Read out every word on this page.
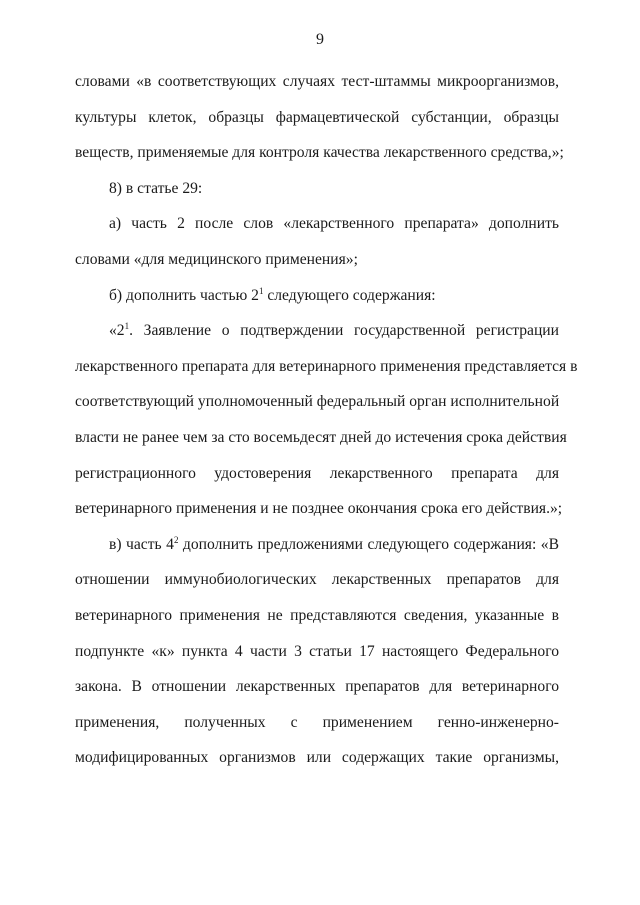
9
словами «в соответствующих случаях тест-штаммы микроорганизмов,
культуры клеток, образцы фармацевтической субстанции, образцы
веществ, применяемые для контроля качества лекарственного средства,»;
8) в статье 29:
а) часть 2 после слов «лекарственного препарата» дополнить
словами «для медицинского применения»;
б) дополнить частью $2^1$ следующего содержания:
«$2^1$. Заявление о подтверждении государственной регистрации
лекарственного препарата для ветеринарного применения представляется в
соответствующий уполномоченный федеральный орган исполнительной
власти не ранее чем за сто восемьдесят дней до истечения срока действия
регистрационного удостоверения лекарственного препарата для
ветеринарного применения и не позднее окончания срока его действия.»;
в) часть $4^2$ дополнить предложениями следующего содержания: «В
отношении иммунобиологических лекарственных препаратов для
ветеринарного применения не представляются сведения, указанные в
подпункте «к» пункта 4 части 3 статьи 17 настоящего Федерального
закона. В отношении лекарственных препаратов для ветеринарного
применения, полученных с применением генно-инженерно-
модифицированных организмов или содержащих такие организмы,
